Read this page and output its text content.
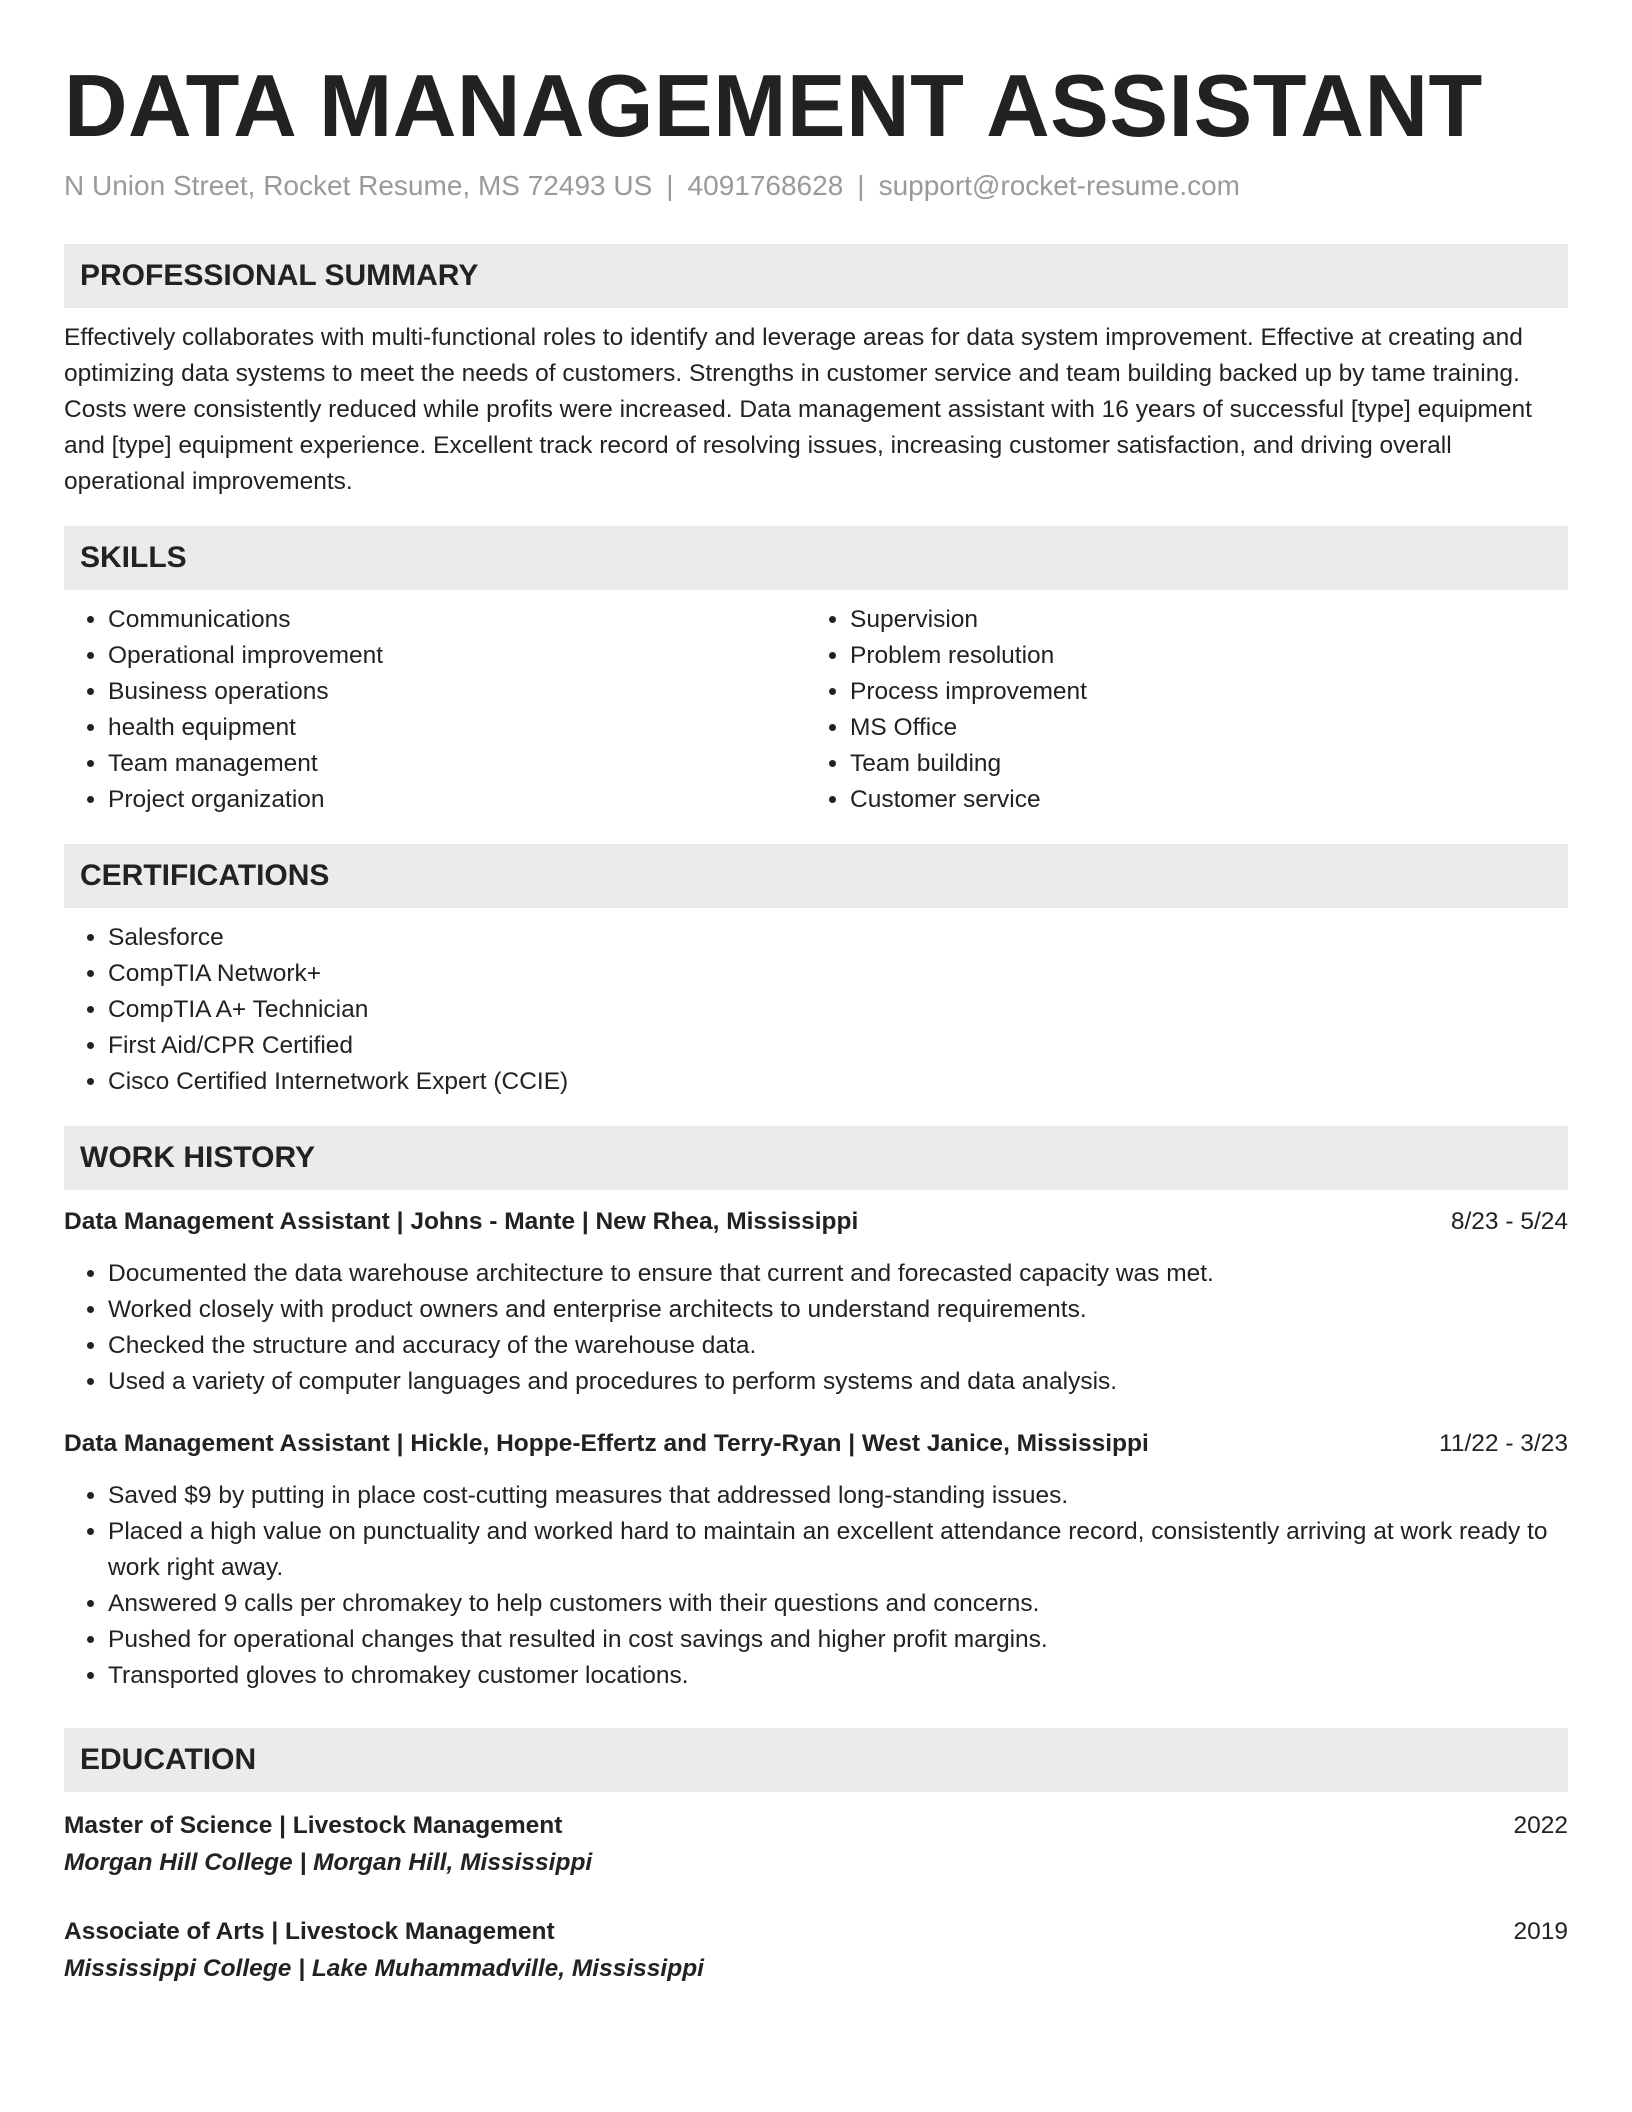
DATA MANAGEMENT ASSISTANT
N Union Street, Rocket Resume, MS 72493 US | 4091768628 | support@rocket-resume.com
PROFESSIONAL SUMMARY

Effectively collaborates with multi-functional roles to identify and leverage areas for data system improvement. Effective at creating and optimizing data systems to meet the needs of customers. Strengths in customer service and team building backed up by tame training. Costs were consistently reduced while profits were increased. Data management assistant with 16 years of successful [type] equipment and [type] equipment experience. Excellent track record of resolving issues, increasing customer satisfaction, and driving overall operational improvements.

SKILLS
• Communications
• Operational improvement
• Business operations
• health equipment
• Team management
• Project organization
• Supervision
• Problem resolution
• Process improvement
• MS Office
• Team building
• Customer service
CERTIFICATIONS
• Salesforce
• CompTIA Network+
• CompTIA A+ Technician
• First Aid/CPR Certified
• Cisco Certified Internetwork Expert (CCIE)
WORK HISTORY
Data Management Assistant | Johns - Mante | New Rhea, Mississippi	8/23 - 5/24
• Documented the data warehouse architecture to ensure that current and forecasted capacity was met.
• Worked closely with product owners and enterprise architects to understand requirements.
• Checked the structure and accuracy of the warehouse data.
• Used a variety of computer languages and procedures to perform systems and data analysis.
Data Management Assistant | Hickle, Hoppe-Effertz and Terry-Ryan | West Janice, Mississippi	11/22 - 3/23
• Saved $9 by putting in place cost-cutting measures that addressed long-standing issues.
• Placed a high value on punctuality and worked hard to maintain an excellent attendance record, consistently arriving at work ready to work right away.
• Answered 9 calls per chromakey to help customers with their questions and concerns.
• Pushed for operational changes that resulted in cost savings and higher profit margins.
• Transported gloves to chromakey customer locations.
EDUCATION
Master of Science | Livestock Management	2022
Morgan Hill College | Morgan Hill, Mississippi
Associate of Arts | Livestock Management	2019
Mississippi College | Lake Muhammadville, Mississippi
